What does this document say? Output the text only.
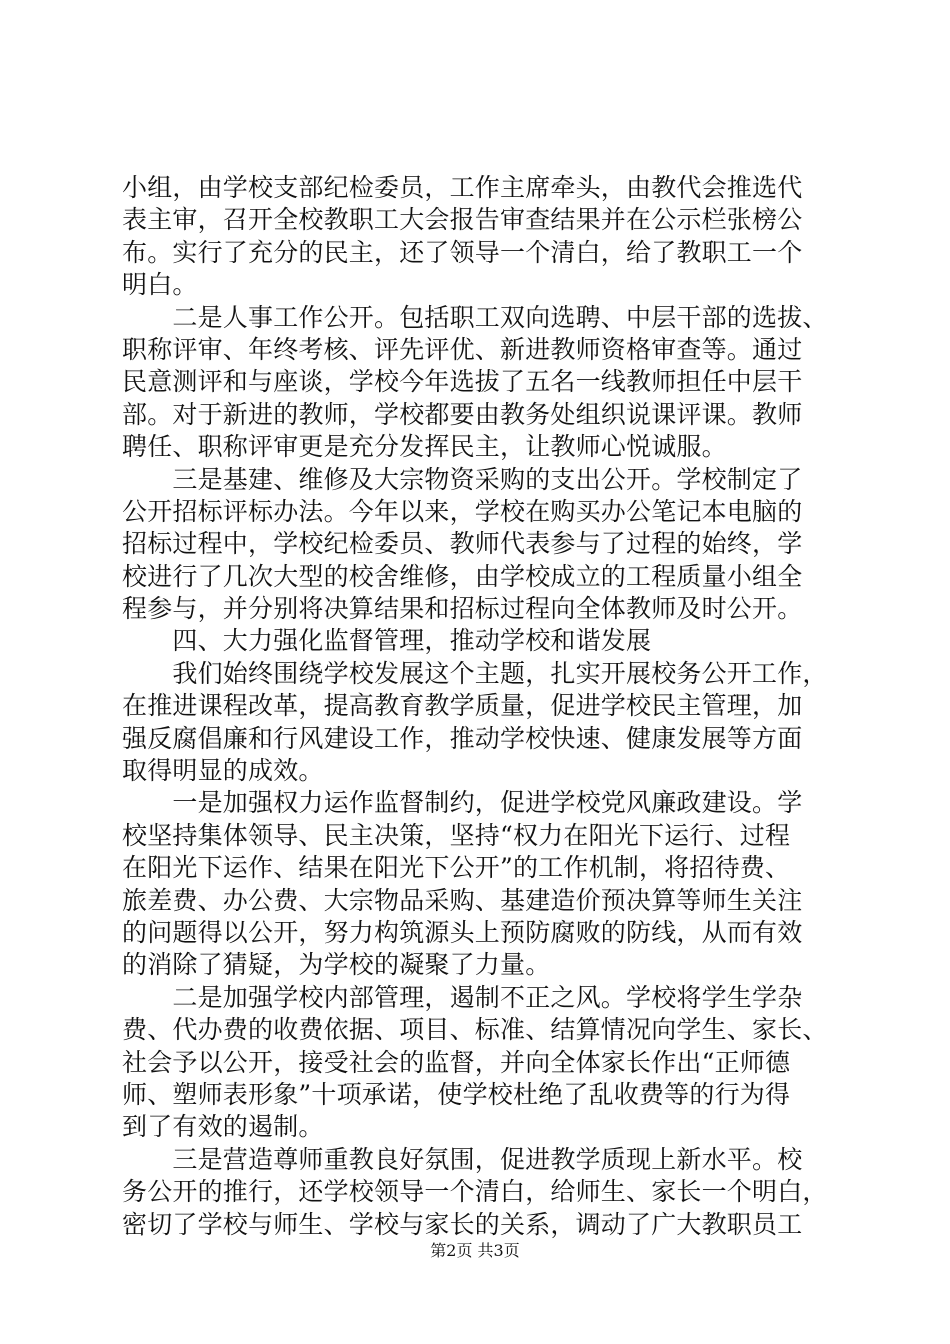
小组，由学校支部纪检委员，工作主席牵头，由教代会推选代
表主审，召开全校教职工大会报告审查结果并在公示栏张榜公
布。实行了充分的民主，还了领导一个清白，给了教职工一个
明白。
　　二是人事工作公开。包括职工双向选聘、中层干部的选拔、
职称评审、年终考核、评先评优、新进教师资格审查等。通过
民意测评和与座谈，学校今年选拔了五名一线教师担任中层干
部。对于新进的教师，学校都要由教务处组织说课评课。教师
聘任、职称评审更是充分发挥民主，让教师心悦诚服。
　　三是基建、维修及大宗物资采购的支出公开。学校制定了
公开招标评标办法。今年以来，学校在购买办公笔记本电脑的
招标过程中，学校纪检委员、教师代表参与了过程的始终，学
校进行了几次大型的校舍维修，由学校成立的工程质量小组全
程参与，并分别将决算结果和招标过程向全体教师及时公开。
　　四、大力强化监督管理，推动学校和谐发展
　　我们始终围绕学校发展这个主题，扎实开展校务公开工作，
在推进课程改革，提高教育教学质量，促进学校民主管理，加
强反腐倡廉和行风建设工作，推动学校快速、健康发展等方面
取得明显的成效。
　　一是加强权力运作监督制约，促进学校党风廉政建设。学
校坚持集体领导、民主决策，坚持“权力在阳光下运行、过程
在阳光下运作、结果在阳光下公开”的工作机制，将招待费、
旅差费、办公费、大宗物品采购、基建造价预决算等师生关注
的问题得以公开，努力构筑源头上预防腐败的防线，从而有效
的消除了猜疑，为学校的凝聚了力量。
　　二是加强学校内部管理，遏制不正之风。学校将学生学杂
费、代办费的收费依据、项目、标准、结算情况向学生、家长、
社会予以公开，接受社会的监督，并向全体家长作出“正师德
师、塑师表形象”十项承诺，使学校杜绝了乱收费等的行为得
到了有效的遏制。
　　三是营造尊师重教良好氛围，促进教学质现上新水平。校
务公开的推行，还学校领导一个清白，给师生、家长一个明白，
密切了学校与师生、学校与家长的关系，调动了广大教职员工
第2页 共3页
